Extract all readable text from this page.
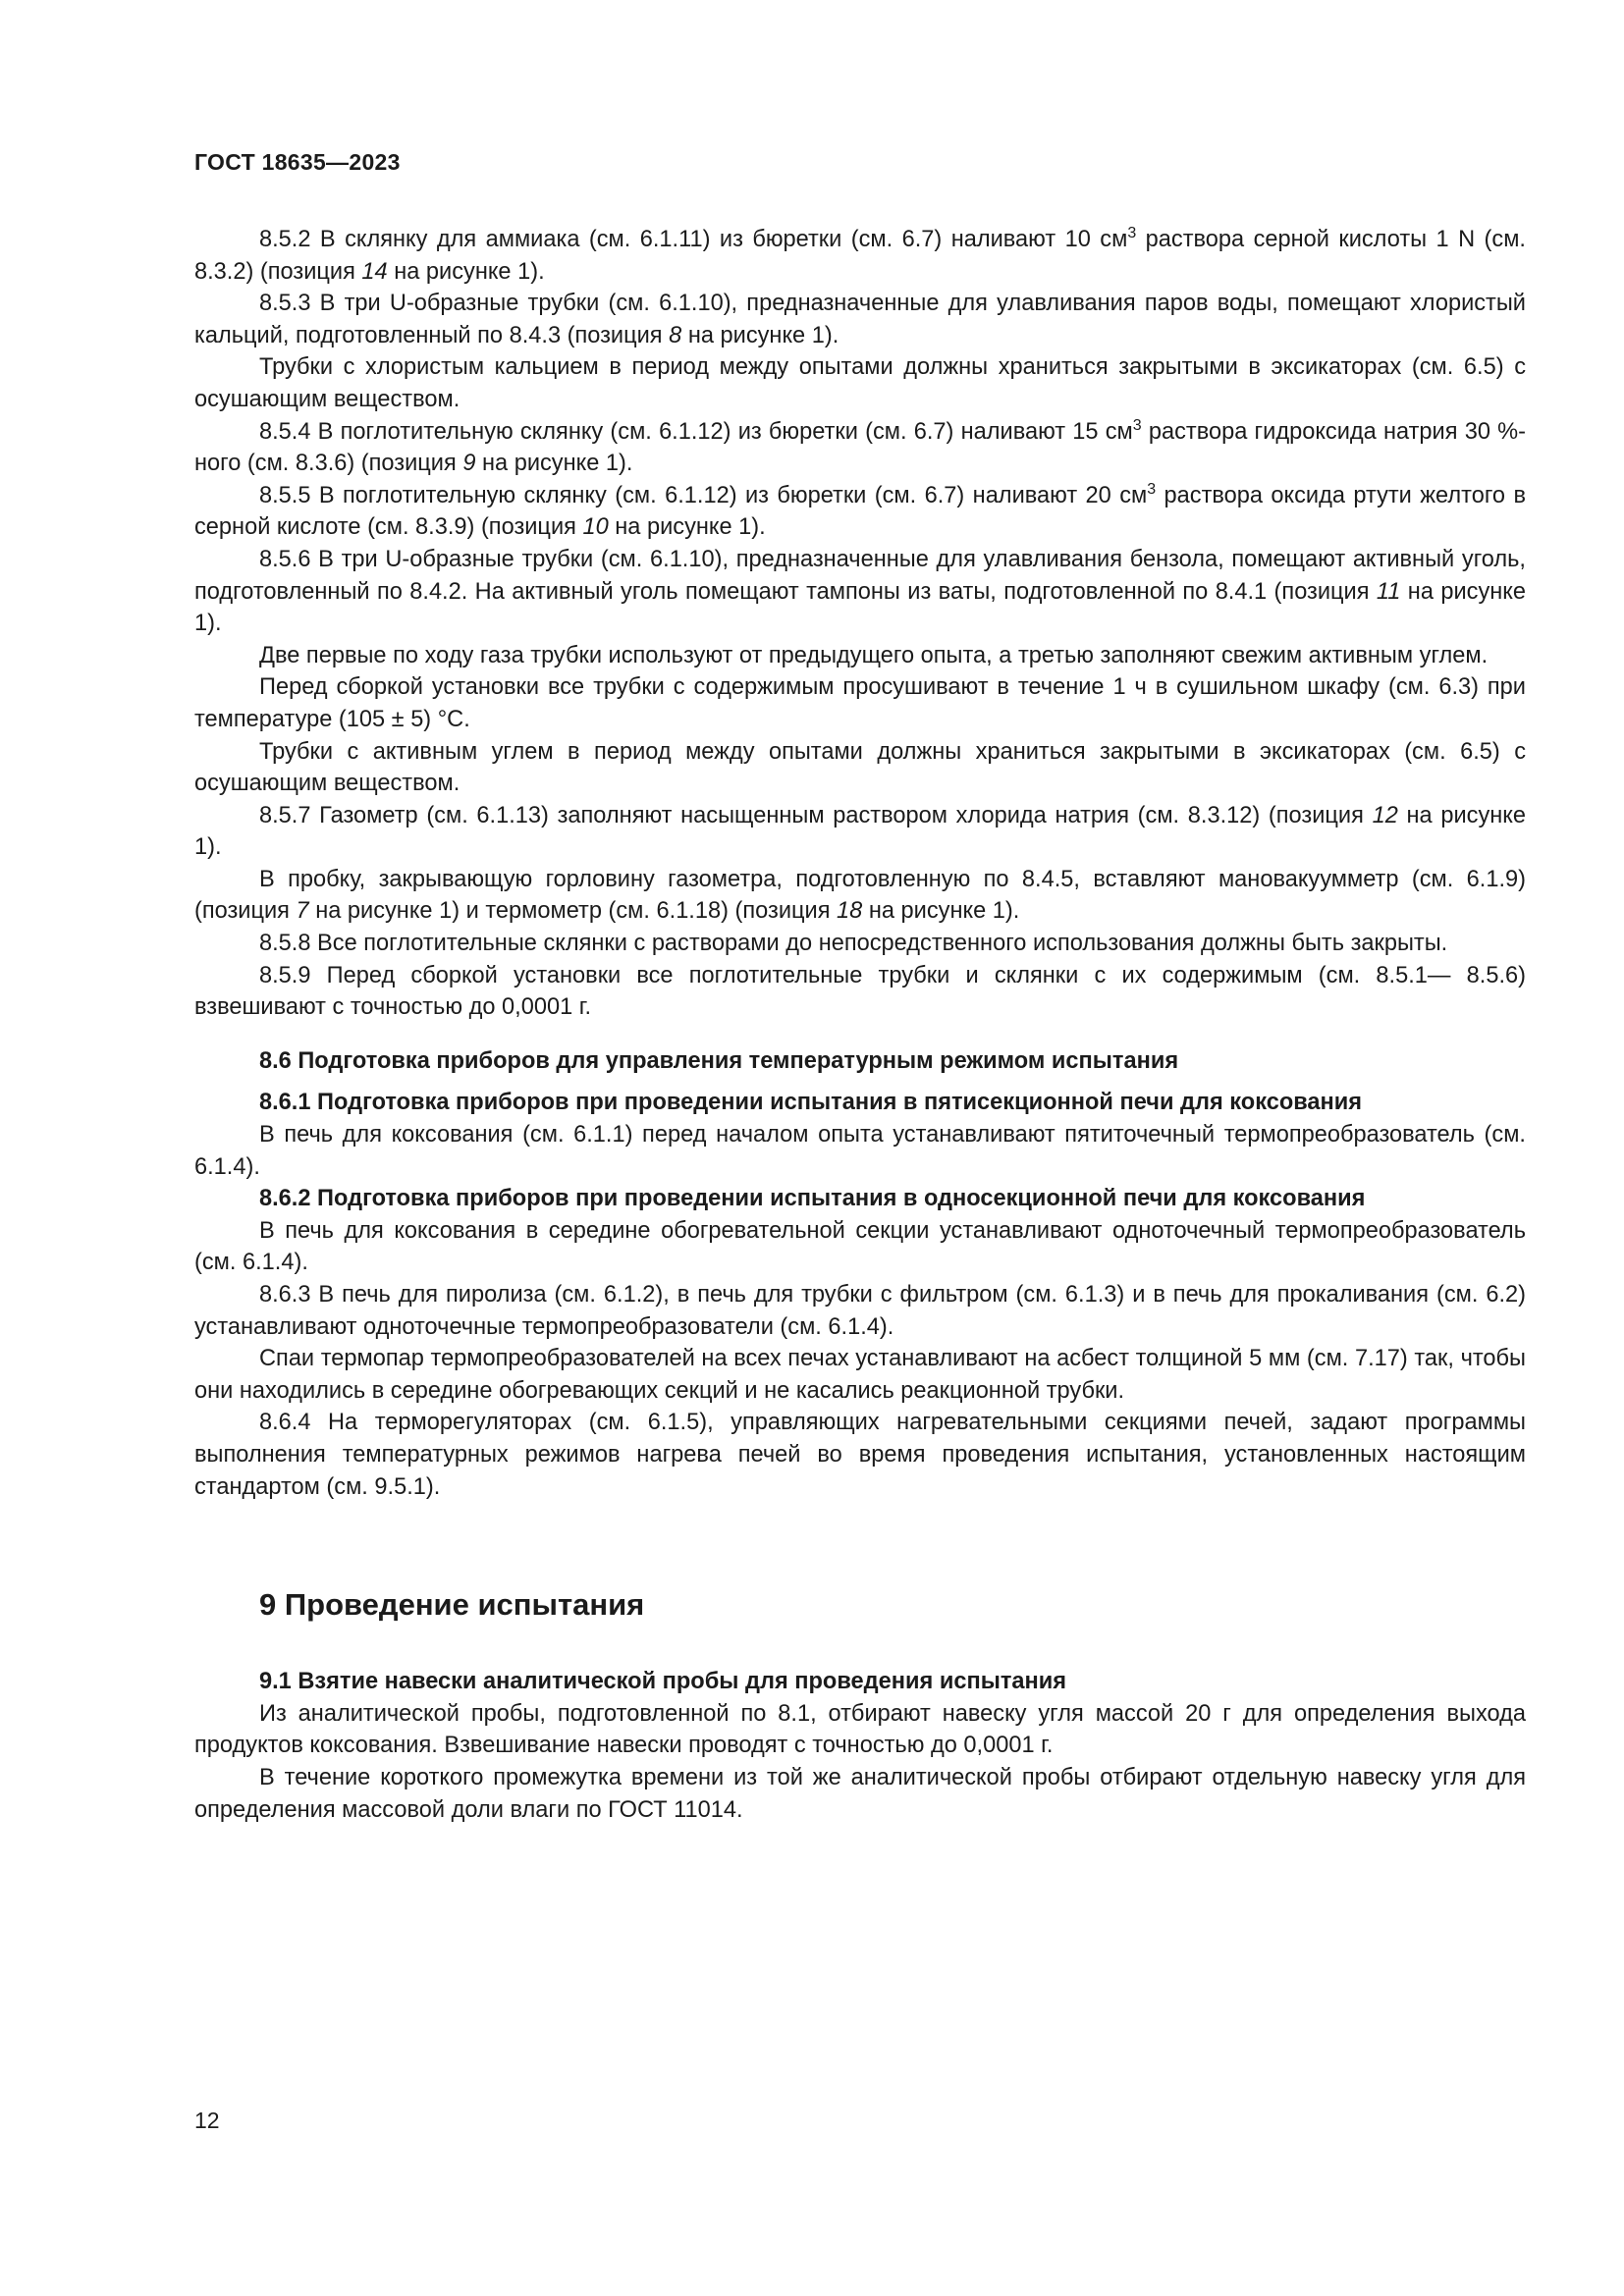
ГОСТ 18635—2023

8.5.2 В склянку для аммиака (см. 6.1.11) из бюретки (см. 6.7) наливают 10 $см^3$ раствора серной кислоты 1 N (см. 8.3.2) (позиция 14 на рисунке 1).

8.5.3 В три U-образные трубки (см. 6.1.10), предназначенные для улавливания паров воды, помещают хлористый кальций, подготовленный по 8.4.3 (позиция 8 на рисунке 1).

Трубки с хлористым кальцием в период между опытами должны храниться закрытыми в эксикаторах (см. 6.5) с осушающим веществом.

8.5.4 В поглотительную склянку (см. 6.1.12) из бюретки (см. 6.7) наливают 15 $см^3$ раствора гидроксида натрия 30 %-ного (см. 8.3.6) (позиция 9 на рисунке 1).

8.5.5 В поглотительную склянку (см. 6.1.12) из бюретки (см. 6.7) наливают 20 $см^3$ раствора оксида ртути желтого в серной кислоте (см. 8.3.9) (позиция 10 на рисунке 1).

8.5.6 В три U-образные трубки (см. 6.1.10), предназначенные для улавливания бензола, помещают активный уголь, подготовленный по 8.4.2. На активный уголь помещают тампоны из ваты, подготовленной по 8.4.1 (позиция 11 на рисунке 1).

Две первые по ходу газа трубки используют от предыдущего опыта, а третью заполняют свежим активным углем.

Перед сборкой установки все трубки с содержимым просушивают в течение 1 ч в сушильном шкафу (см. 6.3) при температуре (105 ± 5) °С.

Трубки с активным углем в период между опытами должны храниться закрытыми в эксикаторах (см. 6.5) с осушающим веществом.

8.5.7 Газометр (см. 6.1.13) заполняют насыщенным раствором хлорида натрия (см. 8.3.12) (позиция 12 на рисунке 1).

В пробку, закрывающую горловину газометра, подготовленную по 8.4.5, вставляют мановакуумметр (см. 6.1.9) (позиция 7 на рисунке 1) и термометр (см. 6.1.18) (позиция 18 на рисунке 1).

8.5.8 Все поглотительные склянки с растворами до непосредственного использования должны быть закрыты.

8.5.9 Перед сборкой установки все поглотительные трубки и склянки с их содержимым (см. 8.5.1— 8.5.6) взвешивают с точностью до 0,0001 г.

8.6 Подготовка приборов для управления температурным режимом испытания
8.6.1 Подготовка приборов при проведении испытания в пятисекционной печи для коксования

В печь для коксования (см. 6.1.1) перед началом опыта устанавливают пятиточечный термопреобразователь (см. 6.1.4).

8.6.2 Подготовка приборов при проведении испытания в односекционной печи для коксования

В печь для коксования в середине обогревательной секции устанавливают одноточечный термопреобразователь (см. 6.1.4).

8.6.3 В печь для пиролиза (см. 6.1.2), в печь для трубки с фильтром (см. 6.1.3) и в печь для прокаливания (см. 6.2) устанавливают одноточечные термопреобразователи (см. 6.1.4).

Спаи термопар термопреобразователей на всех печах устанавливают на асбест толщиной 5 мм (см. 7.17) так, чтобы они находились в середине обогревающих секций и не касались реакционной трубки.

8.6.4 На терморегуляторах (см. 6.1.5), управляющих нагревательными секциями печей, задают программы выполнения температурных режимов нагрева печей во время проведения испытания, установленных настоящим стандартом (см. 9.5.1).

9 Проведение испытания
9.1 Взятие навески аналитической пробы для проведения испытания

Из аналитической пробы, подготовленной по 8.1, отбирают навеску угля массой 20 г для определения выхода продуктов коксования. Взвешивание навески проводят с точностью до 0,0001 г.

В течение короткого промежутка времени из той же аналитической пробы отбирают отдельную навеску угля для определения массовой доли влаги по ГОСТ 11014.

12
